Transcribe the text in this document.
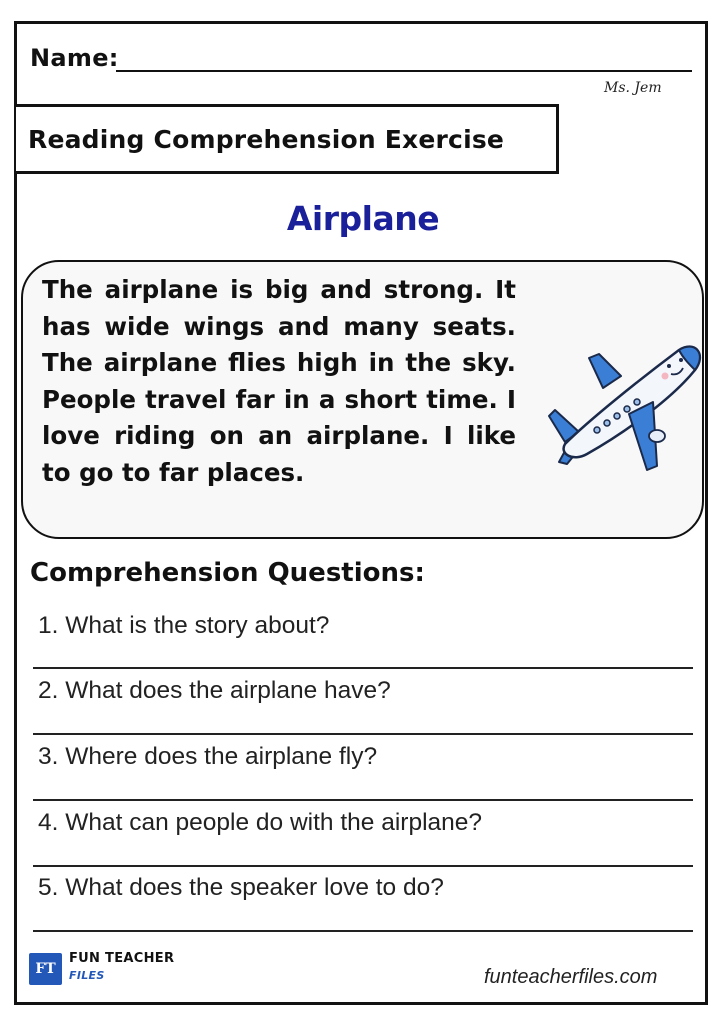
Name:
Ms. Jem
Reading Comprehension Exercise
Airplane

The airplane is big and strong. It has wide wings and many seats. The airplane flies high in the sky. People travel far in a short time. I love riding on an airplane. I like to go to far places.

Comprehension Questions:
1. What is the story about?
2. What does the airplane have?
3. Where does the airplane fly?
4. What can people do with the airplane?
5. What does the speaker love to do?
FT
FUN TEACHER
FILES	funteacherfiles.com
